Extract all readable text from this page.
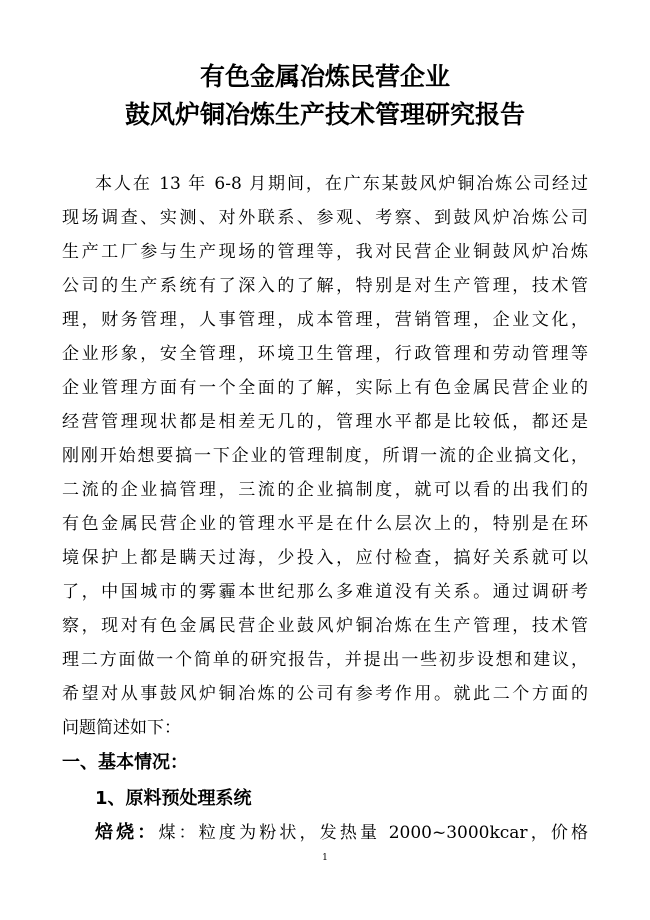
有色金属冶炼民营企业
鼓风炉铜冶炼生产技术管理研究报告
本人在 13 年 6-8 月期间，在广东某鼓风炉铜冶炼公司经过
现场调查、实测、对外联系、参观、考察、到鼓风炉冶炼公司
生产工厂参与生产现场的管理等，我对民营企业铜鼓风炉冶炼
公司的生产系统有了深入的了解，特别是对生产管理，技术管
理，财务管理，人事管理，成本管理，营销管理，企业文化，
企业形象，安全管理，环境卫生管理，行政管理和劳动管理等
企业管理方面有一个全面的了解，实际上有色金属民营企业的
经营管理现状都是相差无几的，管理水平都是比较低，都还是
刚刚开始想要搞一下企业的管理制度，所谓一流的企业搞文化，
二流的企业搞管理，三流的企业搞制度，就可以看的出我们的
有色金属民营企业的管理水平是在什么层次上的，特别是在环
境保护上都是瞒天过海，少投入，应付检查，搞好关系就可以
了，中国城市的雾霾本世纪那么多难道没有关系。通过调研考
察，现对有色金属民营企业鼓风炉铜冶炼在生产管理，技术管
理二方面做一个简单的研究报告，并提出一些初步设想和建议，
希望对从事鼓风炉铜冶炼的公司有参考作用。就此二个方面的
问题简述如下：
一、基本情况：
1、原料预处理系统
焙烧：煤：粒度为粉状，发热量 2000~3000kcar，价格
1
